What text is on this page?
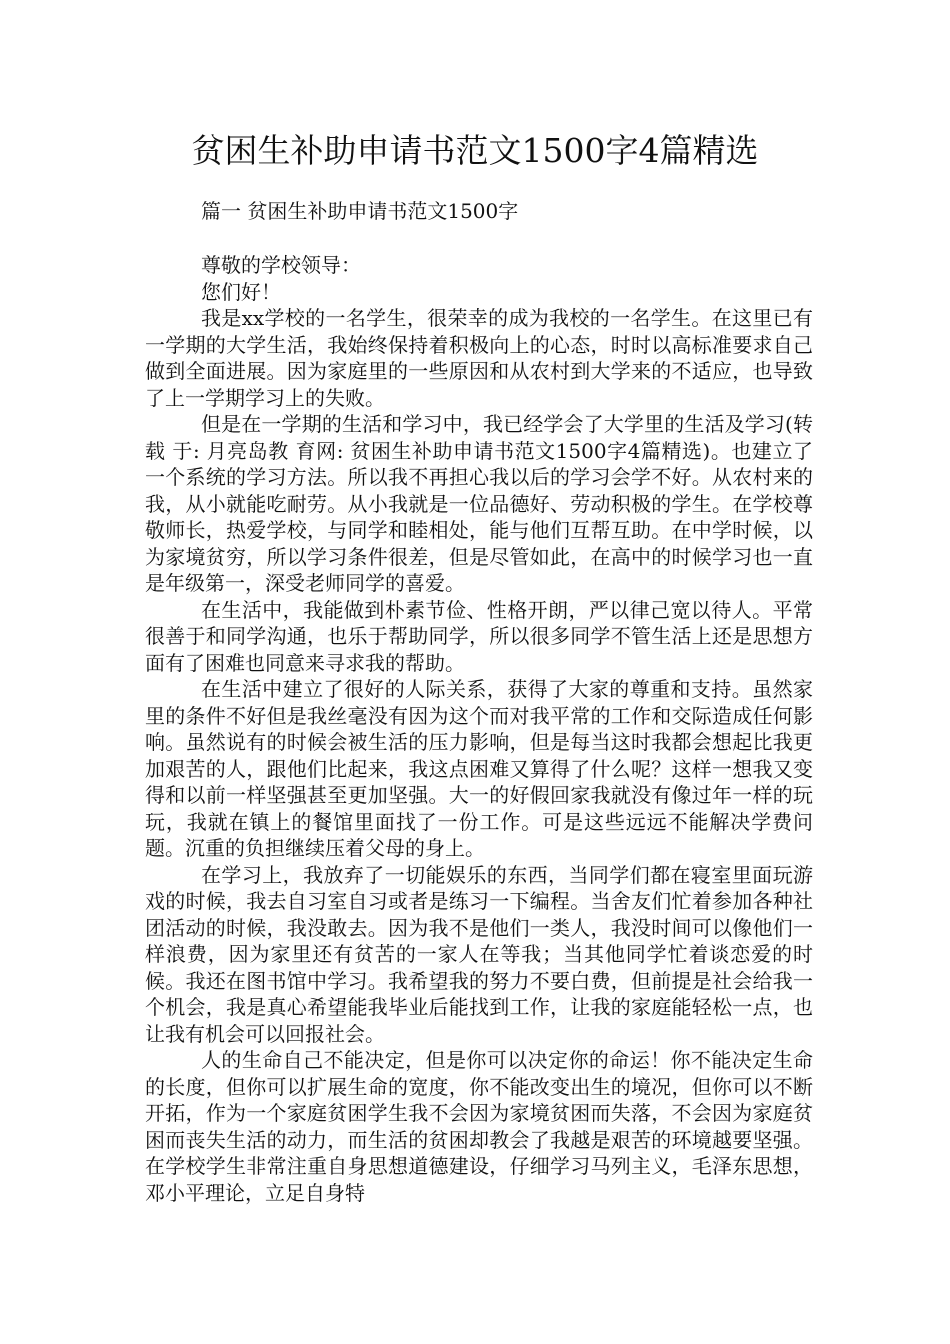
贫困生补助申请书范文1500字4篇精选
篇一 贫困生补助申请书范文1500字

尊敬的学校领导：

您们好！

我是xx学校的一名学生，很荣幸的成为我校的一名学生。在这里已有一学期的大学生活，我始终保持着积极向上的心态，时时以高标准要求自己做到全面进展。因为家庭里的一些原因和从农村到大学来的不适应，也导致了上一学期学习上的失败。

但是在一学期的生活和学习中，我已经学会了大学里的生活及学习(转载 于: 月亮岛教 育网: 贫困生补助申请书范文1500字4篇精选)。也建立了一个系统的学习方法。所以我不再担心我以后的学习会学不好。从农村来的我，从小就能吃耐劳。从小我就是一位品德好、劳动积极的学生。在学校尊敬师长，热爱学校，与同学和睦相处，能与他们互帮互助。在中学时候，以为家境贫穷，所以学习条件很差，但是尽管如此，在高中的时候学习也一直是年级第一，深受老师同学的喜爱。

在生活中，我能做到朴素节俭、性格开朗，严以律己宽以待人。平常很善于和同学沟通，也乐于帮助同学，所以很多同学不管生活上还是思想方面有了困难也同意来寻求我的帮助。

在生活中建立了很好的人际关系，获得了大家的尊重和支持。虽然家里的条件不好但是我丝毫没有因为这个而对我平常的工作和交际造成任何影响。虽然说有的时候会被生活的压力影响，但是每当这时我都会想起比我更加艰苦的人，跟他们比起来，我这点困难又算得了什么呢？这样一想我又变得和以前一样坚强甚至更加坚强。大一的好假回家我就没有像过年一样的玩玩，我就在镇上的餐馆里面找了一份工作。可是这些远远不能解决学费问题。沉重的负担继续压着父母的身上。

在学习上，我放弃了一切能娱乐的东西，当同学们都在寝室里面玩游戏的时候，我去自习室自习或者是练习一下编程。当舍友们忙着参加各种社团活动的时候，我没敢去。因为我不是他们一类人，我没时间可以像他们一样浪费，因为家里还有贫苦的一家人在等我；当其他同学忙着谈恋爱的时候。我还在图书馆中学习。我希望我的努力不要白费，但前提是社会给我一个机会，我是真心希望能我毕业后能找到工作，让我的家庭能轻松一点，也让我有机会可以回报社会。

人的生命自己不能决定，但是你可以决定你的命运！你不能决定生命的长度，但你可以扩展生命的宽度，你不能改变出生的境况，但你可以不断开拓，作为一个家庭贫困学生我不会因为家境贫困而失落，不会因为家庭贫困而丧失生活的动力，而生活的贫困却教会了我越是艰苦的环境越要坚强。在学校学生非常注重自身思想道德建设，仔细学习马列主义，毛泽东思想，邓小平理论，立足自身特
